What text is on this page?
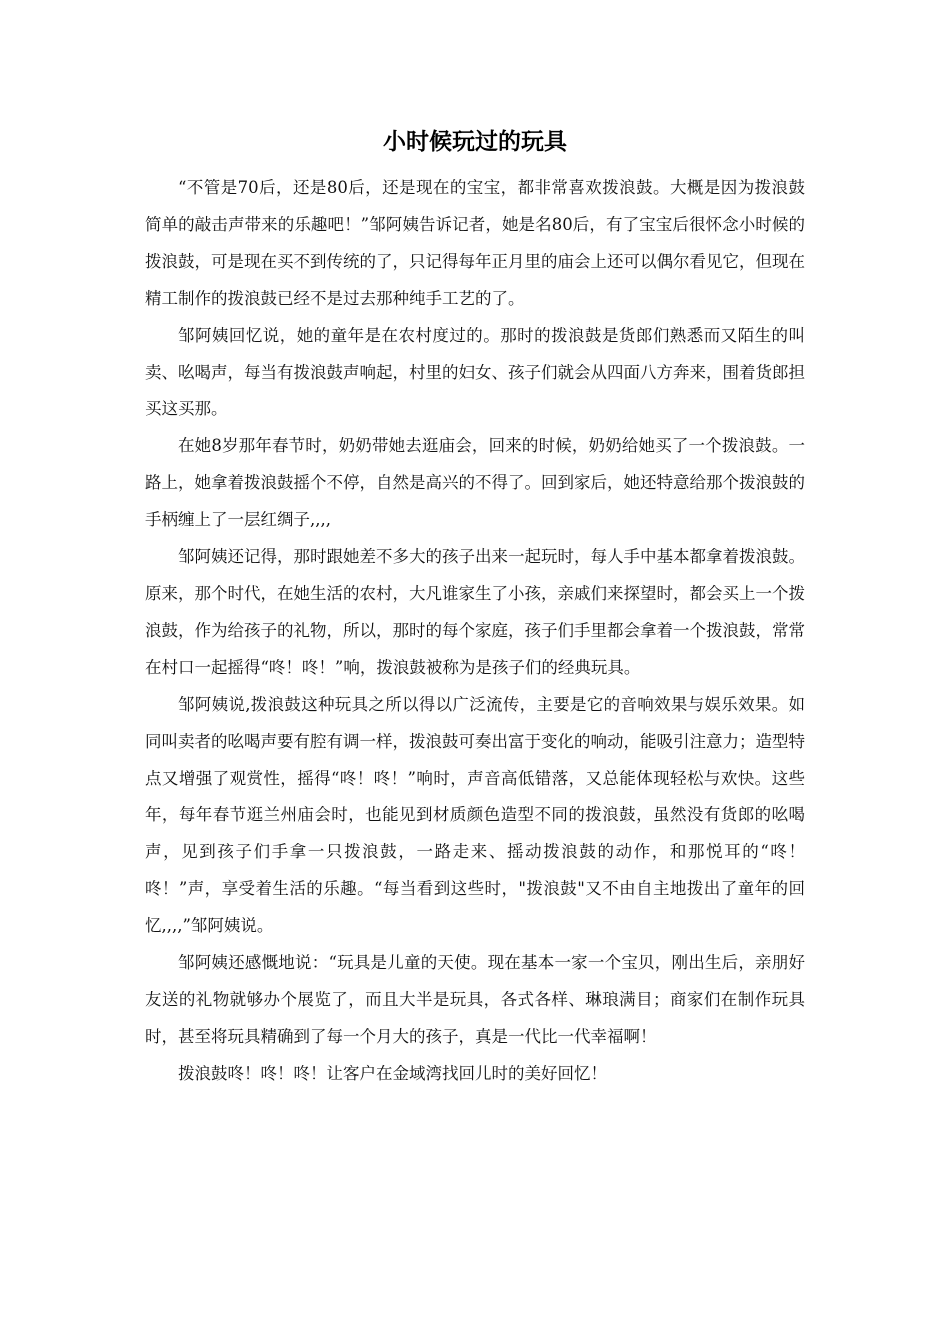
小时候玩过的玩具

“不管是70后，还是80后，还是现在的宝宝，都非常喜欢拨浪鼓。大概是因为拨浪鼓简单的敲击声带来的乐趣吧！”邹阿姨告诉记者，她是名80后，有了宝宝后很怀念小时候的拨浪鼓，可是现在买不到传统的了，只记得每年正月里的庙会上还可以偶尔看见它，但现在精工制作的拨浪鼓已经不是过去那种纯手工艺的了。

邹阿姨回忆说，她的童年是在农村度过的。那时的拨浪鼓是货郎们熟悉而又陌生的叫卖、吆喝声，每当有拨浪鼓声响起，村里的妇女、孩子们就会从四面八方奔来，围着货郎担买这买那。

在她8岁那年春节时，奶奶带她去逛庙会，回来的时候，奶奶给她买了一个拨浪鼓。一路上，她拿着拨浪鼓摇个不停，自然是高兴的不得了。回到家后，她还特意给那个拨浪鼓的手柄缠上了一层红绸子,,,,

邹阿姨还记得，那时跟她差不多大的孩子出来一起玩时，每人手中基本都拿着拨浪鼓。原来，那个时代，在她生活的农村，大凡谁家生了小孩，亲戚们来探望时，都会买上一个拨浪鼓，作为给孩子的礼物，所以，那时的每个家庭，孩子们手里都会拿着一个拨浪鼓，常常在村口一起摇得“咚！咚！”响，拨浪鼓被称为是孩子们的经典玩具。

邹阿姨说,拨浪鼓这种玩具之所以得以广泛流传，主要是它的音响效果与娱乐效果。如同叫卖者的吆喝声要有腔有调一样，拨浪鼓可奏出富于变化的响动，能吸引注意力；造型特点又增强了观赏性，摇得“咚！咚！”响时，声音高低错落，又总能体现轻松与欢快。这些年，每年春节逛兰州庙会时，也能见到材质颜色造型不同的拨浪鼓，虽然没有货郎的吆喝声，见到孩子们手拿一只拨浪鼓，一路走来、摇动拨浪鼓的动作，和那悦耳的“咚！咚！”声，享受着生活的乐趣。“每当看到这些时，"拨浪鼓"又不由自主地拨出了童年的回忆,,,,”邹阿姨说。

邹阿姨还感慨地说：“玩具是儿童的天使。现在基本一家一个宝贝，刚出生后，亲朋好友送的礼物就够办个展览了，而且大半是玩具，各式各样、琳琅满目；商家们在制作玩具时，甚至将玩具精确到了每一个月大的孩子，真是一代比一代幸福啊！

拨浪鼓咚！咚！咚！让客户在金域湾找回儿时的美好回忆！
